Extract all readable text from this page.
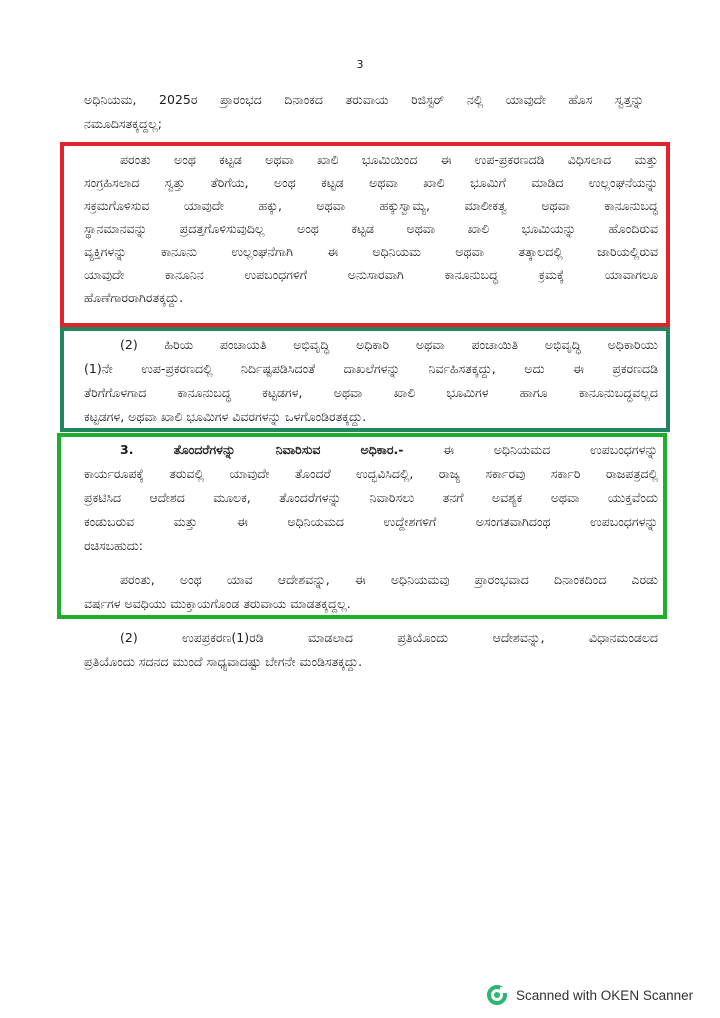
3
ಅಧಿನಿಯಮ, 2025ರ ಪ್ರಾರಂಭದ ದಿನಾಂಕದ ತರುವಾಯ ರಿಜಿಸ್ಟರ್ ನಲ್ಲಿ ಯಾವುದೇ ಹೊಸ ಸ್ವತ್ತನ್ನು
ನಮೂದಿಸತಕ್ಕದ್ದಲ್ಲ;
ಪರಂತು ಅಂಥ ಕಟ್ಟಡ ಅಥವಾ ಖಾಲಿ ಭೂಮಿಯಿಂದ ಈ ಉಪ-ಪ್ರಕರಣದಡಿ ವಿಧಿಸಲಾದ ಮತ್ತು
ಸಂಗ್ರಹಿಸಲಾದ ಸ್ವತ್ತು ತೆರಿಗೆಯ, ಅಂಥ ಕಟ್ಟಡ ಅಥವಾ ಖಾಲಿ ಭೂಮಿಗೆ ಮಾಡಿದ ಉಲ್ಲಂಘನೆಯನ್ನು
ಸಕ್ರಮಗೊಳಿಸುವ ಯಾವುದೇ ಹಕ್ಕು, ಅಥವಾ ಹಕ್ಕುಸ್ವಾಮ್ಯ, ಮಾಲೀಕತ್ವ ಅಥವಾ ಕಾನೂನುಬದ್ಧ
ಸ್ಥಾನಮಾನವನ್ನು ಪ್ರದತ್ತಗೊಳಿಸುವುದಿಲ್ಲ ಅಂಥ ಕಟ್ಟಡ ಅಥವಾ ಖಾಲಿ ಭೂಮಿಯನ್ನು ಹೊಂದಿರುವ
ವ್ಯಕ್ತಿಗಳನ್ನು ಕಾನೂನು ಉಲ್ಲಂಘನೆಗಾಗಿ ಈ ಅಧಿನಿಯಮ ಅಥವಾ ತತ್ಕಾಲದಲ್ಲಿ ಜಾರಿಯಲ್ಲಿರುವ
ಯಾವುದೇ ಕಾನೂನಿನ ಉಪಬಂಧಗಳಿಗೆ ಅನುಸಾರವಾಗಿ ಕಾನೂನುಬದ್ಧ ಕ್ರಮಕ್ಕೆ ಯಾವಾಗಲೂ
ಹೊಣೆಗಾರರಾಗಿರತಕ್ಕದ್ದು.
(2) ಹಿರಿಯ ಪಂಚಾಯತಿ ಅಭಿವೃದ್ಧಿ ಅಧಿಕಾರಿ ಅಥವಾ ಪಂಚಾಯಿತಿ ಅಭಿವೃದ್ಧಿ ಅಧಿಕಾರಿಯು
(1)ನೇ ಉಪ-ಪ್ರಕರಣದಲ್ಲಿ ನಿರ್ದಿಷ್ಟಪಡಿಸಿದಂತೆ ದಾಖಲೆಗಳನ್ನು ನಿರ್ವಹಿಸತಕ್ಕದ್ದು, ಅದು ಈ ಪ್ರಕರಣದಡಿ
ತೆರಿಗೆಗೊಳಗಾದ ಕಾನೂನುಬದ್ಧ ಕಟ್ಟಡಗಳ, ಅಥವಾ ಖಾಲಿ ಭೂಮಿಗಳ ಹಾಗೂ ಕಾನೂನುಬದ್ಧವಲ್ಲದ
ಕಟ್ಟಡಗಳ, ಅಥವಾ ಖಾಲಿ ಭೂಮಿಗಳ ವಿವರಗಳನ್ನು ಒಳಗೊಂಡಿರತಕ್ಕದ್ದು.
3. ತೊಂದರೆಗಳನ್ನು ನಿವಾರಿಸುವ ಅಧಿಕಾರ.-	ಈ ಅಧಿನಿಯಮದ ಉಪಬಂಧಗಳನ್ನು
ಕಾರ್ಯರೂಪಕ್ಕೆ ತರುವಲ್ಲಿ ಯಾವುದೇ ತೊಂದರೆ ಉದ್ಭವಿಸಿದಲ್ಲಿ, ರಾಜ್ಯ ಸರ್ಕಾರವು ಸರ್ಕಾರಿ ರಾಜಪತ್ರದಲ್ಲಿ
ಪ್ರಕಟಿಸಿದ ಆದೇಶದ ಮೂಲಕ, ತೊಂದರೆಗಳನ್ನು ನಿವಾರಿಸಲು ತನಗೆ ಅವಶ್ಯಕ ಅಥವಾ ಯುಕ್ತವೆಂದು
ಕಂಡುಬರುವ ಮತ್ತು ಈ ಅಧಿನಿಯಮದ ಉದ್ದೇಶಗಳಿಗೆ ಅಸಂಗತವಾಗಿದಂಥ ಉಪಬಂಧಗಳನ್ನು
ರಚಿಸಬಹುದು:
ಪರಂತು, ಅಂಥ ಯಾವ ಆದೇಶವನ್ನು, ಈ ಅಧಿನಿಯಮವು ಪ್ರಾರಂಭವಾದ ದಿನಾಂಕದಿಂದ ಎರಡು
ವರ್ಷಗಳ ಅವಧಿಯು ಮುಕ್ತಾಯಗೊಂಡ ತರುವಾಯ ಮಾಡತಕ್ಕದ್ದಲ್ಲ.
(2) ಉಪಪ್ರಕರಣ(1)ರಡಿ ಮಾಡಲಾದ ಪ್ರತಿಯೊಂದು ಆದೇಶವನ್ನು, ವಿಧಾನಮಂಡಲದ
ಪ್ರತಿಯೊಂದು ಸದನದ ಮುಂದೆ ಸಾಧ್ಯವಾದಷ್ಟು ಬೇಗನೇ ಮಂಡಿಸತಕ್ಕದ್ದು.
Scanned with OKEN Scanner
